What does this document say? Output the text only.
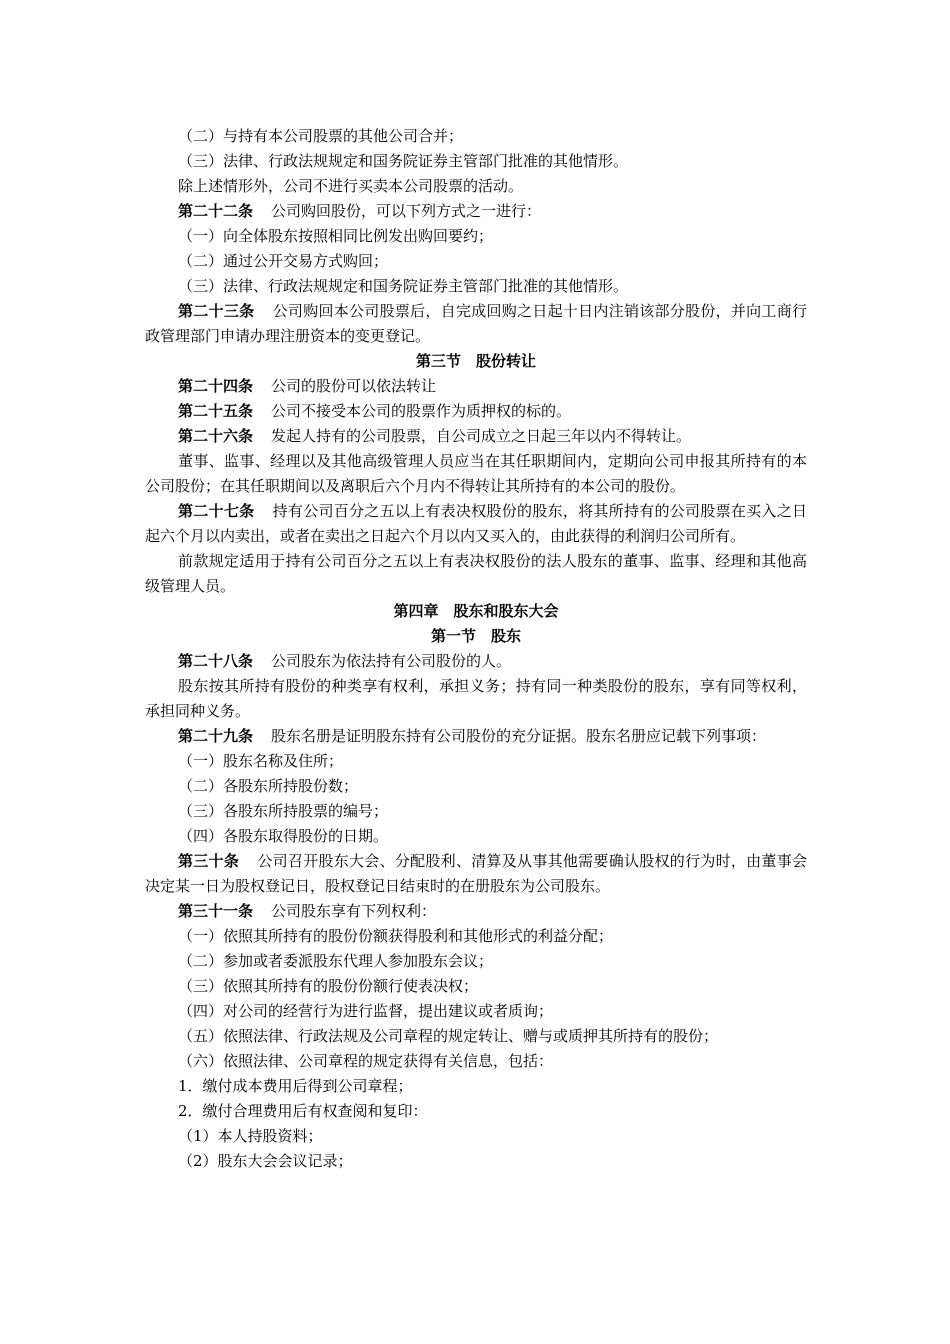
（二）与持有本公司股票的其他公司合并；

（三）法律、行政法规规定和国务院证券主管部门批准的其他情形。

除上述情形外，公司不进行买卖本公司股票的活动。

第二十二条 公司购回股份，可以下列方式之一进行：

（一）向全体股东按照相同比例发出购回要约；

（二）通过公开交易方式购回；

（三）法律、行政法规规定和国务院证券主管部门批准的其他情形。

第二十三条 公司购回本公司股票后，自完成回购之日起十日内注销该部分股份，并向工商行政管理部门申请办理注册资本的变更登记。

第三节　股份转让

第二十四条 公司的股份可以依法转让

第二十五条 公司不接受本公司的股票作为质押权的标的。

第二十六条 发起人持有的公司股票，自公司成立之日起三年以内不得转让。

董事、监事、经理以及其他高级管理人员应当在其任职期间内，定期向公司申报其所持有的本公司股份；在其任职期间以及离职后六个月内不得转让其所持有的本公司的股份。

第二十七条 持有公司百分之五以上有表决权股份的股东，将其所持有的公司股票在买入之日起六个月以内卖出，或者在卖出之日起六个月以内又买入的，由此获得的利润归公司所有。

前款规定适用于持有公司百分之五以上有表决权股份的法人股东的董事、监事、经理和其他高级管理人员。

第四章　股东和股东大会

第一节　股东

第二十八条 公司股东为依法持有公司股份的人。

股东按其所持有股份的种类享有权利，承担义务；持有同一种类股份的股东，享有同等权利，承担同种义务。

第二十九条 股东名册是证明股东持有公司股份的充分证据。股东名册应记载下列事项：

（一）股东名称及住所；

（二）各股东所持股份数；

（三）各股东所持股票的编号；

（四）各股东取得股份的日期。

第三十条 公司召开股东大会、分配股利、清算及从事其他需要确认股权的行为时，由董事会决定某一日为股权登记日，股权登记日结束时的在册股东为公司股东。

第三十一条 公司股东享有下列权利：

（一）依照其所持有的股份份额获得股利和其他形式的利益分配；

（二）参加或者委派股东代理人参加股东会议；

（三）依照其所持有的股份份额行使表决权；

（四）对公司的经营行为进行监督，提出建议或者质询；

（五）依照法律、行政法规及公司章程的规定转让、赠与或质押其所持有的股份；

（六）依照法律、公司章程的规定获得有关信息，包括：

1．缴付成本费用后得到公司章程；

2．缴付合理费用后有权查阅和复印：

（1）本人持股资料；

（2）股东大会会议记录；
